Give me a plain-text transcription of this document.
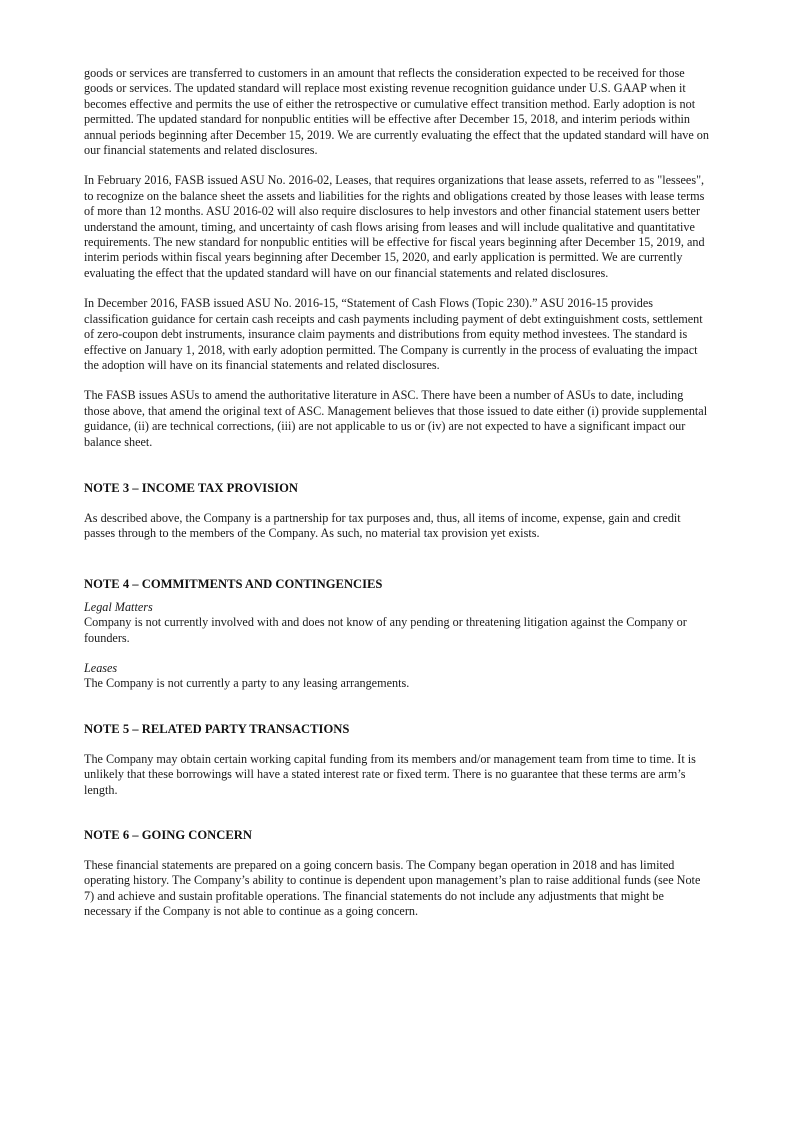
goods or services are transferred to customers in an amount that reflects the consideration expected to be received for those goods or services. The updated standard will replace most existing revenue recognition guidance under U.S. GAAP when it becomes effective and permits the use of either the retrospective or cumulative effect transition method. Early adoption is not permitted. The updated standard for nonpublic entities will be effective after December 15, 2018, and interim periods within annual periods beginning after December 15, 2019. We are currently evaluating the effect that the updated standard will have on our financial statements and related disclosures.

In February 2016, FASB issued ASU No. 2016-02, Leases, that requires organizations that lease assets, referred to as "lessees", to recognize on the balance sheet the assets and liabilities for the rights and obligations created by those leases with lease terms of more than 12 months. ASU 2016-02 will also require disclosures to help investors and other financial statement users better understand the amount, timing, and uncertainty of cash flows arising from leases and will include qualitative and quantitative requirements. The new standard for nonpublic entities will be effective for fiscal years beginning after December 15, 2019, and interim periods within fiscal years beginning after December 15, 2020, and early application is permitted. We are currently evaluating the effect that the updated standard will have on our financial statements and related disclosures.

In December 2016, FASB issued ASU No. 2016-15, “Statement of Cash Flows (Topic 230).” ASU 2016-15 provides classification guidance for certain cash receipts and cash payments including payment of debt extinguishment costs, settlement of zero-coupon debt instruments, insurance claim payments and distributions from equity method investees. The standard is effective on January 1, 2018, with early adoption permitted. The Company is currently in the process of evaluating the impact the adoption will have on its financial statements and related disclosures.

The FASB issues ASUs to amend the authoritative literature in ASC. There have been a number of ASUs to date, including those above, that amend the original text of ASC. Management believes that those issued to date either (i) provide supplemental guidance, (ii) are technical corrections, (iii) are not applicable to us or (iv) are not expected to have a significant impact our balance sheet.

NOTE 3 – INCOME TAX PROVISION

As described above, the Company is a partnership for tax purposes and, thus, all items of income, expense, gain and credit passes through to the members of the Company. As such, no material tax provision yet exists.

NOTE 4 – COMMITMENTS AND CONTINGENCIES

Legal Matters

Company is not currently involved with and does not know of any pending or threatening litigation against the Company or founders.

Leases

The Company is not currently a party to any leasing arrangements.

NOTE 5 – RELATED PARTY TRANSACTIONS

The Company may obtain certain working capital funding from its members and/or management team from time to time. It is unlikely that these borrowings will have a stated interest rate or fixed term. There is no guarantee that these terms are arm’s length.

NOTE 6 – GOING CONCERN

These financial statements are prepared on a going concern basis. The Company began operation in 2018 and has limited operating history. The Company’s ability to continue is dependent upon management’s plan to raise additional funds (see Note 7) and achieve and sustain profitable operations. The financial statements do not include any adjustments that might be necessary if the Company is not able to continue as a going concern.
